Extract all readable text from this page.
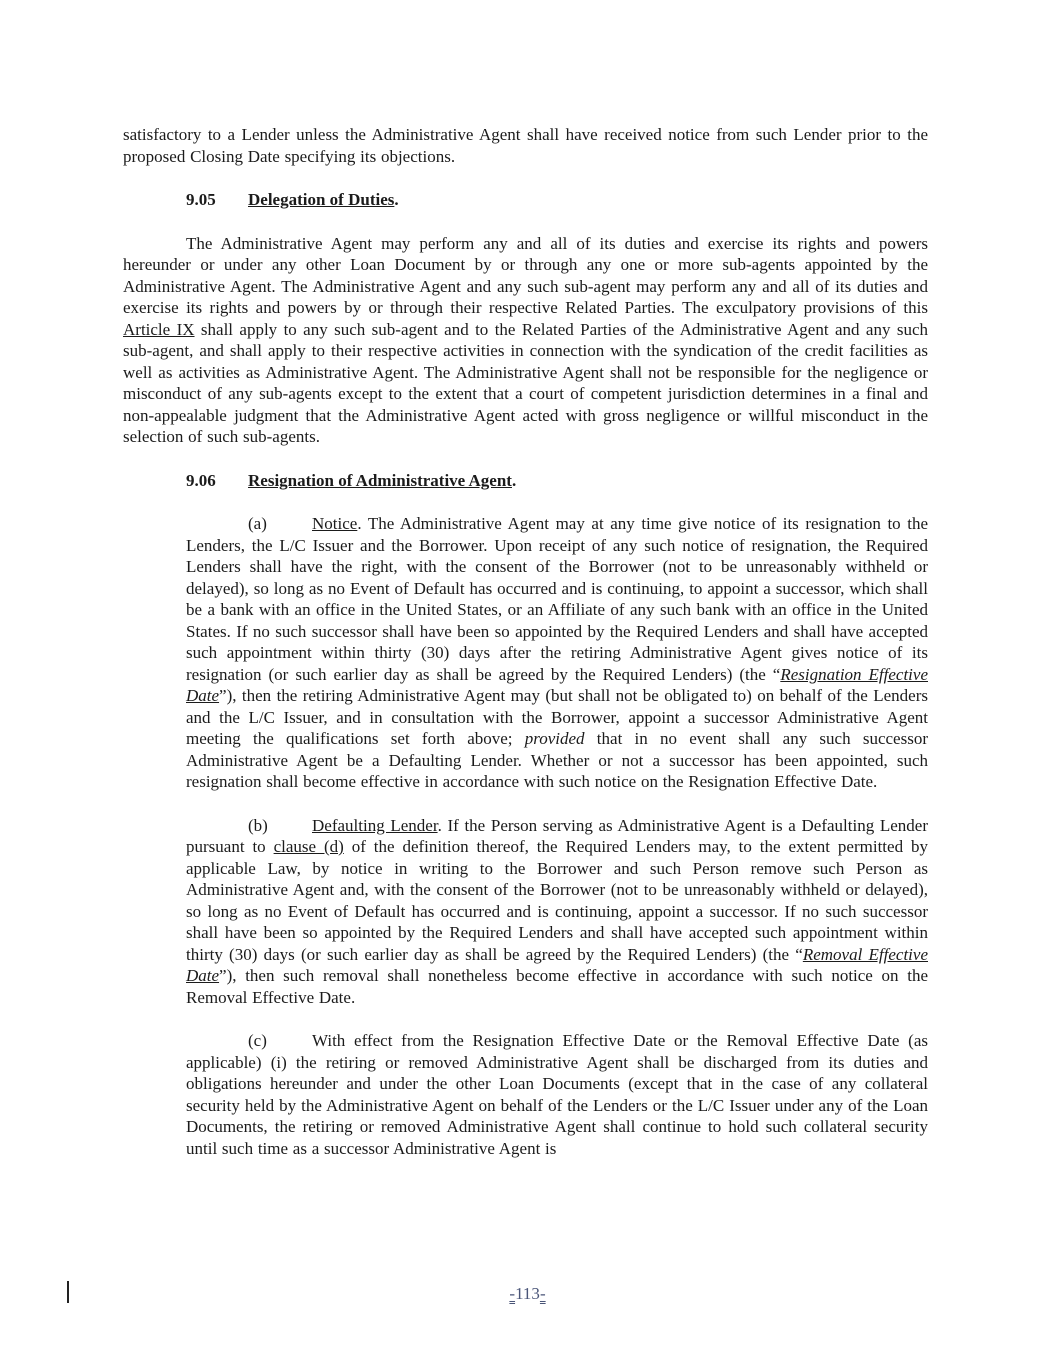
satisfactory to a Lender unless the Administrative Agent shall have received notice from such Lender prior to the proposed Closing Date specifying its objections.

9.05 Delegation of Duties.

The Administrative Agent may perform any and all of its duties and exercise its rights and powers hereunder or under any other Loan Document by or through any one or more sub-agents appointed by the Administrative Agent. The Administrative Agent and any such sub-agent may perform any and all of its duties and exercise its rights and powers by or through their respective Related Parties. The exculpatory provisions of this Article IX shall apply to any such sub-agent and to the Related Parties of the Administrative Agent and any such sub-agent, and shall apply to their respective activities in connection with the syndication of the credit facilities as well as activities as Administrative Agent. The Administrative Agent shall not be responsible for the negligence or misconduct of any sub-agents except to the extent that a court of competent jurisdiction determines in a final and non-appealable judgment that the Administrative Agent acted with gross negligence or willful misconduct in the selection of such sub-agents.

9.06 Resignation of Administrative Agent.

(a)	Notice. The Administrative Agent may at any time give notice of its resignation to the Lenders, the L/C Issuer and the Borrower. Upon receipt of any such notice of resignation, the Required Lenders shall have the right, with the consent of the Borrower (not to be unreasonably withheld or delayed), so long as no Event of Default has occurred and is continuing, to appoint a successor, which shall be a bank with an office in the United States, or an Affiliate of any such bank with an office in the United States. If no such successor shall have been so appointed by the Required Lenders and shall have accepted such appointment within thirty (30) days after the retiring Administrative Agent gives notice of its resignation (or such earlier day as shall be agreed by the Required Lenders) (the “Resignation Effective Date”), then the retiring Administrative Agent may (but shall not be obligated to) on behalf of the Lenders and the L/C Issuer, and in consultation with the Borrower, appoint a successor Administrative Agent meeting the qualifications set forth above; provided that in no event shall any such successor Administrative Agent be a Defaulting Lender. Whether or not a successor has been appointed, such resignation shall become effective in accordance with such notice on the Resignation Effective Date.

(b)	Defaulting Lender. If the Person serving as Administrative Agent is a Defaulting Lender pursuant to clause (d) of the definition thereof, the Required Lenders may, to the extent permitted by applicable Law, by notice in writing to the Borrower and such Person remove such Person as Administrative Agent and, with the consent of the Borrower (not to be unreasonably withheld or delayed), so long as no Event of Default has occurred and is continuing, appoint a successor. If no such successor shall have been so appointed by the Required Lenders and shall have accepted such appointment within thirty (30) days (or such earlier day as shall be agreed by the Required Lenders) (the “Removal Effective Date”), then such removal shall nonetheless become effective in accordance with such notice on the Removal Effective Date.

(c)	With effect from the Resignation Effective Date or the Removal Effective Date (as applicable) (i) the retiring or removed Administrative Agent shall be discharged from its duties and obligations hereunder and under the other Loan Documents (except that in the case of any collateral security held by the Administrative Agent on behalf of the Lenders or the L/C Issuer under any of the Loan Documents, the retiring or removed Administrative Agent shall continue to hold such collateral security until such time as a successor Administrative Agent is

-113-
